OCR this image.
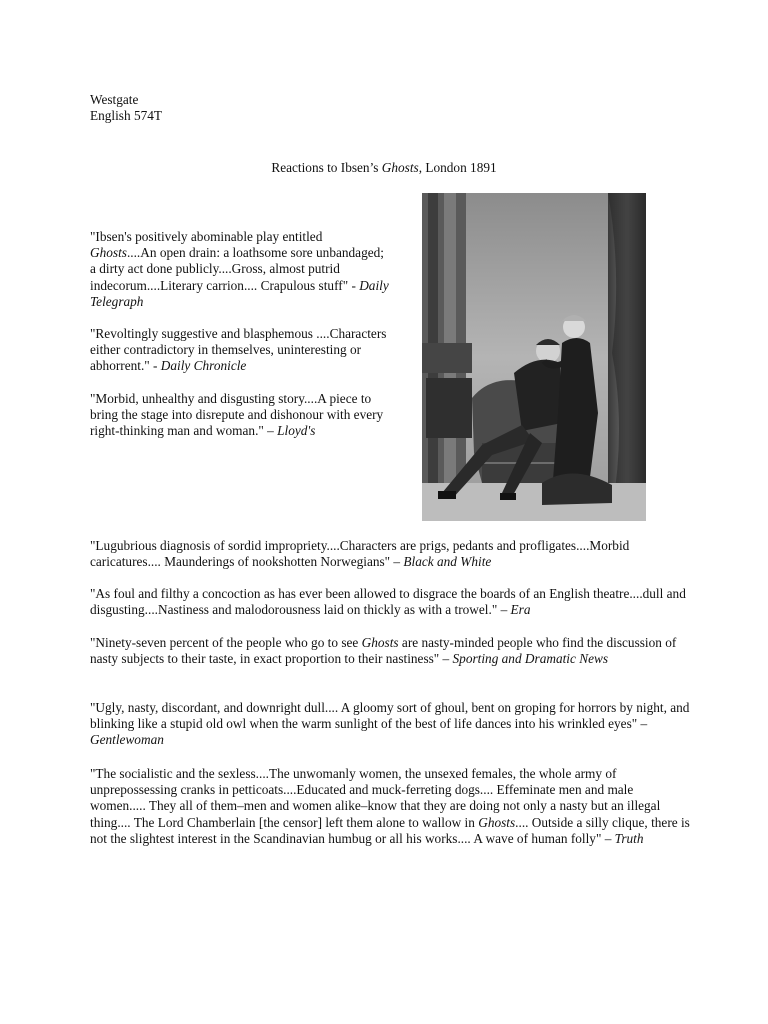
Westgate
English 574T
Reactions to Ibsen’s Ghosts, London 1891

"Ibsen's positively abominable play entitled Ghosts....An open drain: a loathsome sore unbandaged; a dirty act done publicly....Gross, almost putrid indecorum....Literary carrion.... Crapulous stuff" - Daily Telegraph

"Revoltingly suggestive and blasphemous ....Characters either contradictory in themselves, uninteresting or abhorrent." - Daily Chronicle

"Morbid, unhealthy and disgusting story....A piece to bring the stage into disrepute and dishonour with every right-thinking man and woman." – Lloyd's

"Lugubrious diagnosis of sordid impropriety....Characters are prigs, pedants and profligates....Morbid caricatures.... Maunderings of nookshotten Norwegians" – Black and White

"As foul and filthy a concoction as has ever been allowed to disgrace the boards of an English theatre....dull and disgusting....Nastiness and malodorousness laid on thickly as with a trowel." – Era

"Ninety-seven percent of the people who go to see Ghosts are nasty-minded people who find the discussion of nasty subjects to their taste, in exact proportion to their nastiness" – Sporting and Dramatic News

"Ugly, nasty, discordant, and downright dull.... A gloomy sort of ghoul, bent on groping for horrors by night, and blinking like a stupid old owl when the warm sunlight of the best of life dances into his wrinkled eyes" – Gentlewoman

"The socialistic and the sexless....The unwomanly women, the unsexed females, the whole army of unprepossessing cranks in petticoats....Educated and muck-ferreting dogs.... Effeminate men and male women..... They all of them–men and women alike–know that they are doing not only a nasty but an illegal thing.... The Lord Chamberlain [the censor] left them alone to wallow in Ghosts.... Outside a silly clique, there is not the slightest interest in the Scandinavian humbug or all his works.... A wave of human folly" – Truth
